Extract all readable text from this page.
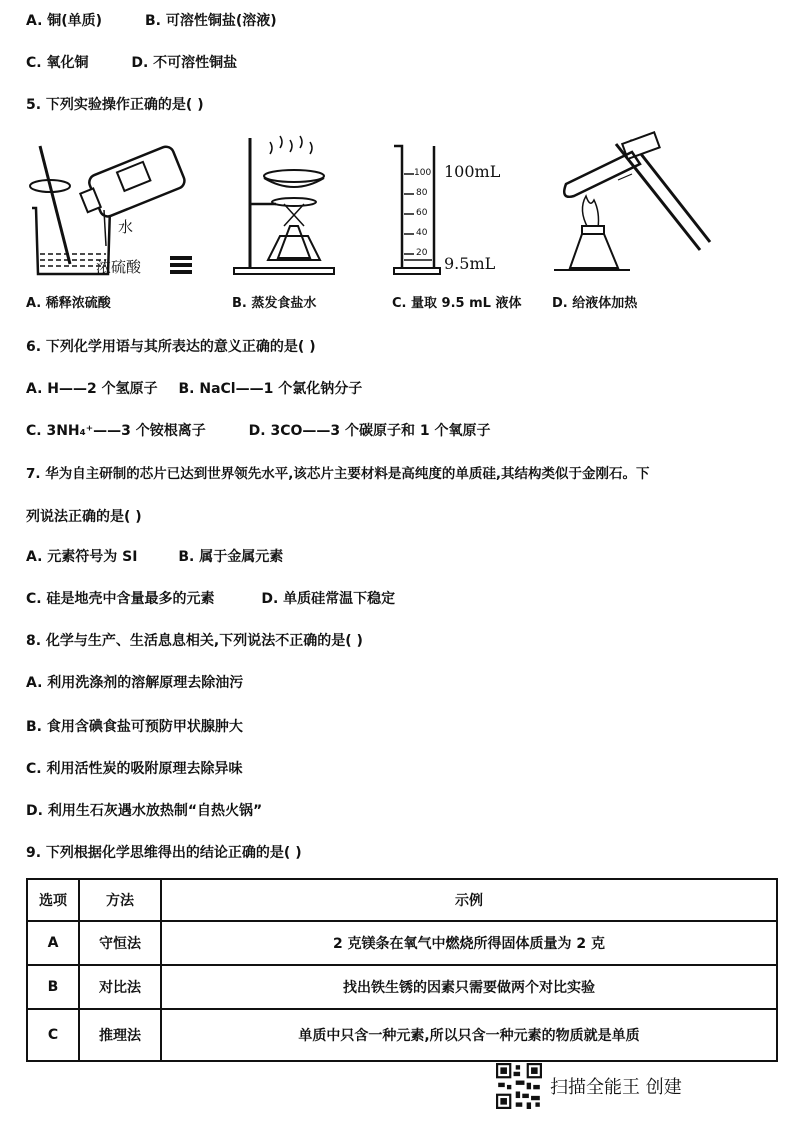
A. 铜(单质)	B. 可溶性铜盐(溶液)
C. 氧化铜	D. 不可溶性铜盐
5. 下列实验操作正确的是( )
水
浓硫酸
100
80
60
40
20
100mL
9.5mL
A. 稀释浓硫酸	B. 蒸发食盐水	C. 量取 9.5 mL 液体 D. 给液体加热
6. 下列化学用语与其所表达的意义正确的是( )
A. H——2 个氢原子 B. NaCl——1 个氯化钠分子
C. 3NH₄⁺——3 个铵根离子	D. 3CO——3 个碳原子和 1 个氧原子
7. 华为自主研制的芯片已达到世界领先水平,该芯片主要材料是高纯度的单质硅,其结构类似于金刚石。下
列说法正确的是( )
A. 元素符号为 SI	B. 属于金属元素
C. 硅是地壳中含量最多的元素	D. 单质硅常温下稳定
8. 化学与生产、生活息息相关,下列说法不正确的是( )
A. 利用洗涤剂的溶解原理去除油污
B. 食用含碘食盐可预防甲状腺肿大
C. 利用活性炭的吸附原理去除异味
D. 利用生石灰遇水放热制“自热火锅”
9. 下列根据化学思维得出的结论正确的是( )
选项	方法	示例
A	守恒法	2 克镁条在氧气中燃烧所得固体质量为 2 克
B	对比法	找出铁生锈的因素只需要做两个对比实验
C	推理法	单质中只含一种元素,所以只含一种元素的物质就是单质
扫描全能王 创建
